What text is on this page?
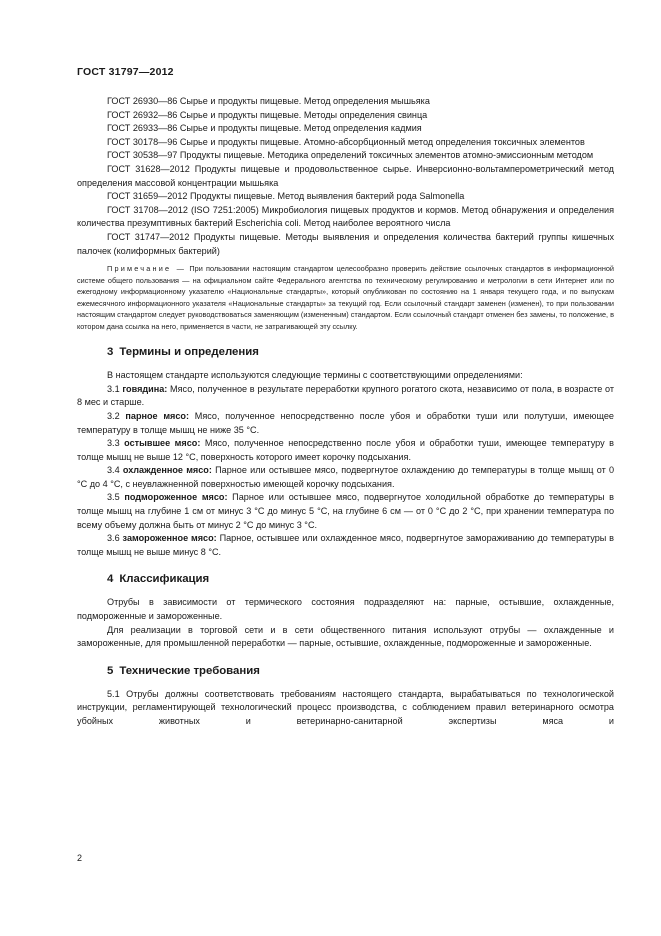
ГОСТ 31797—2012

ГОСТ 26930—86 Сырье и продукты пищевые. Метод определения мышьяка

ГОСТ 26932—86 Сырье и продукты пищевые. Методы определения свинца

ГОСТ 26933—86 Сырье и продукты пищевые. Метод определения кадмия

ГОСТ 30178—96 Сырье и продукты пищевые. Атомно-абсорбционный метод определения токсичных элементов

ГОСТ 30538—97 Продукты пищевые. Методика определений токсичных элементов атомно-эмиссионным методом

ГОСТ 31628—2012 Продукты пищевые и продовольственное сырье. Инверсионно-вольтамперометрический метод определения массовой концентрации мышьяка

ГОСТ 31659—2012 Продукты пищевые. Метод выявления бактерий рода Salmonella

ГОСТ 31708—2012 (ISO 7251:2005) Микробиология пищевых продуктов и кормов. Метод обнаружения и определения количества презумптивных бактерий Escherichia coli. Метод наиболее вероятного числа

ГОСТ 31747—2012 Продукты пищевые. Методы выявления и определения количества бактерий группы кишечных палочек (колиформных бактерий)

Примечание — При пользовании настоящим стандартом целесообразно проверить действие ссылочных стандартов в информационной системе общего пользования — на официальном сайте Федерального агентства по техническому регулированию и метрологии в сети Интернет или по ежегодному информационному указателю «Национальные стандарты», который опубликован по состоянию на 1 января текущего года, и по выпускам ежемесячного информационного указателя «Национальные стандарты» за текущий год. Если ссылочный стандарт заменен (изменен), то при пользовании настоящим стандартом следует руководствоваться заменяющим (измененным) стандартом. Если ссылочный стандарт отменен без замены, то положение, в котором дана ссылка на него, применяется в части, не затрагивающей эту ссылку.

3 Термины и определения

В настоящем стандарте используются следующие термины с соответствующими определениями:

3.1 говядина: Мясо, полученное в результате переработки крупного рогатого скота, независимо от пола, в возрасте от 8 мес и старше.

3.2 парное мясо: Мясо, полученное непосредственно после убоя и обработки туши или полутуши, имеющее температуру в толще мышц не ниже 35 °С.

3.3 остывшее мясо: Мясо, полученное непосредственно после убоя и обработки туши, имеющее температуру в толще мышц не выше 12 °С, поверхность которого имеет корочку подсыхания.

3.4 охлажденное мясо: Парное или остывшее мясо, подвергнутое охлаждению до температуры в толще мышц от 0 °С до 4 °С, с неувлажненной поверхностью имеющей корочку подсыхания.

3.5 подмороженное мясо: Парное или остывшее мясо, подвергнутое холодильной обработке до температуры в толще мышц на глубине 1 см от минус 3 °С до минус 5 °С, на глубине 6 см — от 0 °С до 2 °С, при хранении температура по всему объему должна быть от минус 2 °С до минус 3 °С.

3.6 замороженное мясо: Парное, остывшее или охлажденное мясо, подвергнутое замораживанию до температуры в толще мышц не выше минус 8 °С.

4 Классификация

Отрубы в зависимости от термического состояния подразделяют на: парные, остывшие, охлажденные, подмороженные и замороженные.

Для реализации в торговой сети и в сети общественного питания используют отрубы — охлажденные и замороженные, для промышленной переработки — парные, остывшие, охлажденные, подмороженные и замороженные.

5 Технические требования

5.1 Отрубы должны соответствовать требованиям настоящего стандарта, вырабатываться по технологической инструкции, регламентирующей технологический процесс производства, с соблюдением правил ветеринарного осмотра убойных животных и ветеринарно-санитарной экспертизы мяса и

2
